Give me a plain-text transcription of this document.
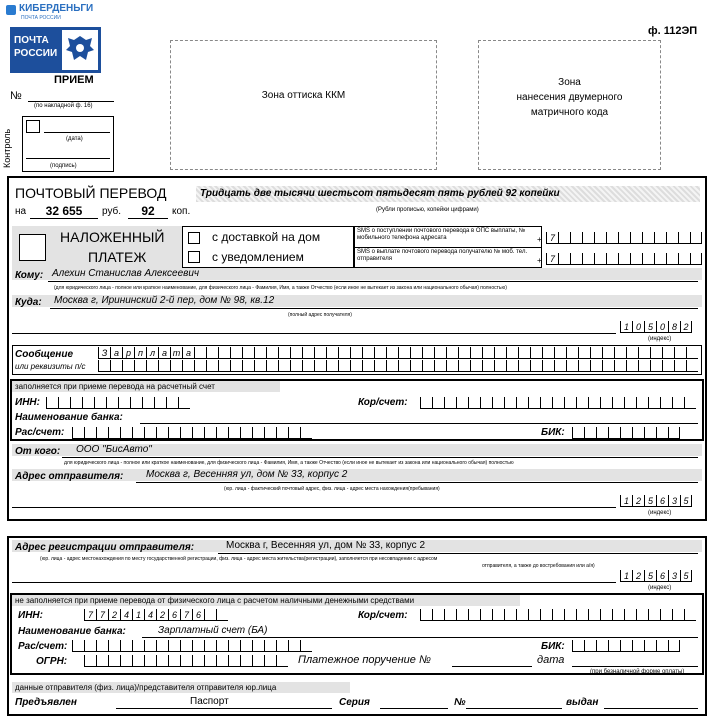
КИБЕРДЕНЬГИ
ПОЧТА РОССИИ
ПОЧТА
РОССИИ
ПРИЕМ
№
(по накладной ф. 16)
Контроль	(дата)
(подпись)
Зона оттиска ККМ
Зона
нанесения двумерного
матричного кода
ф. 112ЭП
ПОЧТОВЫЙ ПЕРЕВОД	Тридцать две тысячи шестьсот пятьдесят пять рублей 92 копейки
(Рубли прописью, копейки цифрами)
на	32 655	руб.	92	коп.
НАЛОЖЕННЫЙ
ПЛАТЕЖ
с доставкой на дом
с уведомлением
SMS о поступлении почтового перевода в ОПС выплаты, № мобильного телефона адресата
SMS о выплате почтового перевода получателю № моб. тел. отправителя
+
+
7
7
Кому: Алехин Станислав Алексеевич
(для юридического лица - полное или краткое наименование, для физического лица - Фамилия, Имя, а также Отчество (если иное не вытекает из закона или национального обычая) полностью)
Куда: Москва г, Ирининский 2-й пер, дом № 98, кв.12
(полный адрес получателя)
1 0 5 0 8 2
(индекс)
Сообщение
или реквизиты п/с
З а р п л а т а
заполняется при приеме перевода на расчетный счет
ИНН:	Кор/счет:
Наименование банка:
Рас/счет:	БИК:
От кого: ООО "БисАвто"
для юридического лица - полное или краткое наименование, для физического лица - Фамилия, Имя, а также Отчество (если иное не вытекает из закона или национального обычая) полностью
Адрес отправителя: Москва г, Весенняя ул, дом № 33, корпус 2
(юр. лица - фактический почтовый адрес, физ. лица - адрес места нахождения(пребывания)
1 2 5 6 3 5
(индекс)
Адрес регистрации отправителя:	Москва г, Весенняя ул, дом № 33, корпус 2
(юр. лица - адрес местонахождения по месту государственной регистрации, физ. лица - адрес места жительства(регистрации), заполняется при несовпадении с адресом
отправителя, а также до востребования или а/я)
1 2 5 6 3 5
(индекс)
не заполняется при приеме перевода от физического лица с расчетом наличными денежными средствами
ИНН:	7 7 2 4 1 4 2 6 7 6	Кор/счет:
Наименование банка:	Зарплатный счет (БА)
Рас/счет:	БИК:
ОГРН:	Платежное поручение №	дата
(при безналичной форме оплаты)
данные отправителя (физ. лица)/представителя отправителя юр.лица
Предъявлен	Паспорт	Серия	№	выдан
